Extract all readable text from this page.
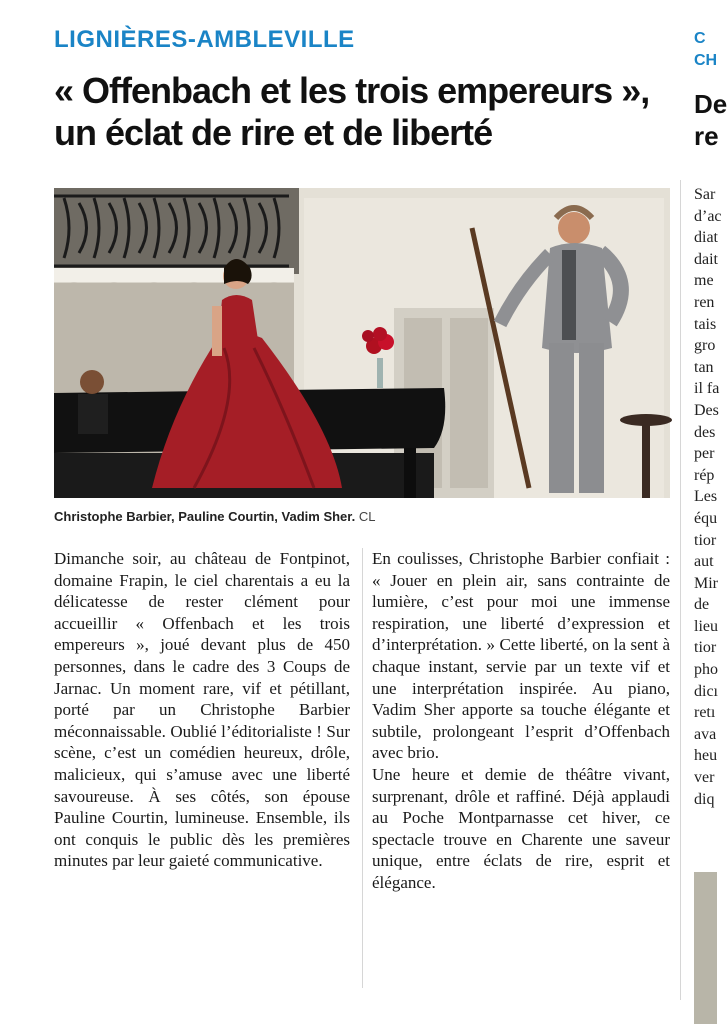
LIGNIÈRES-AMBLEVILLE
« Offenbach et les trois empereurs »,
un éclat de rire et de liberté
Christophe Barbier, Pauline Courtin, Vadim Sher. CL

Dimanche soir, au château de Fontpinot, domaine Frapin, le ciel charentais a eu la délicatesse de rester clément pour accueillir « Offenbach et les trois empereurs », joué devant plus de 450 personnes, dans le cadre des 3 Coups de Jarnac. Un moment rare, vif et pétillant, porté par un Christophe Barbier méconnaissable. Oublié l’éditorialiste ! Sur scène, c’est un comédien heureux, drôle, malicieux, qui s’amuse avec une liberté savoureuse. À ses côtés, son épouse Pauline Courtin, lumineuse. Ensemble, ils ont conquis le public dès les premières minutes par leur gaieté communicative.

En coulisses, Christophe Barbier confiait : « Jouer en plein air, sans contrainte de lumière, c’est pour moi une immense respiration, une liberté d’expression et d’interprétation. » Cette liberté, on la sent à chaque instant, servie par un texte vif et une interprétation inspirée. Au piano, Vadim Sher apporte sa touche élégante et subtile, prolongeant l’esprit d’Offenbach avec brio.

Une heure et demie de théâtre vivant, surprenant, drôle et raffiné. Déjà applaudi au Poche Montparnasse cet hiver, ce spectacle trouve en Charente une saveur unique, entre éclats de rire, esprit et élégance.

C
CH
De
re
Sar
d’ac
diat
dait
me
ren
tais
gro
tan
il fa
Des
des
per
rép
Les
équ
tior
aut
Mir
de
lieu
tior
pho
dicı
retı
ava
heu
ver
diq
